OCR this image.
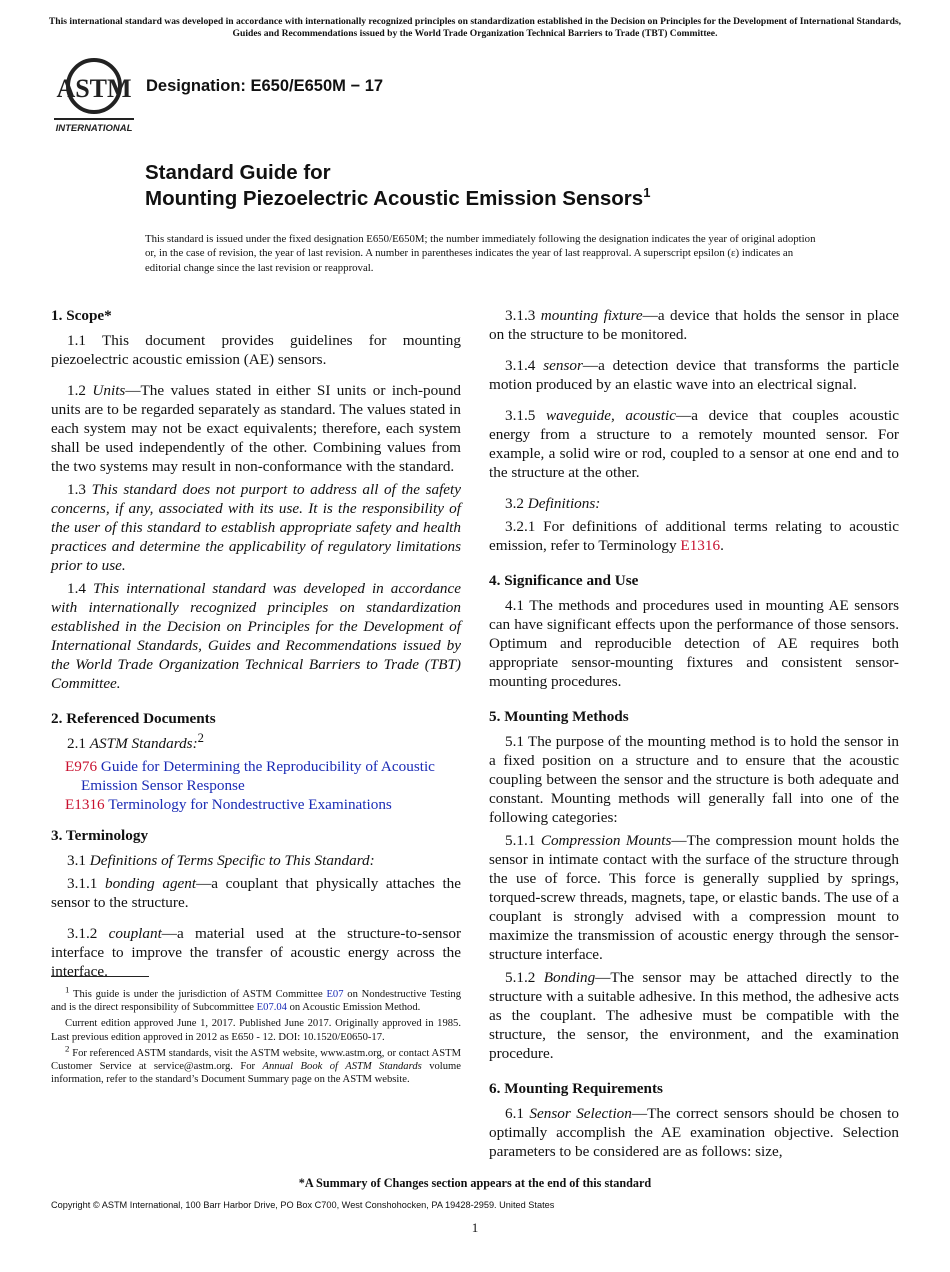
This international standard was developed in accordance with internationally recognized principles on standardization established in the Decision on Principles for the Development of International Standards, Guides and Recommendations issued by the World Trade Organization Technical Barriers to Trade (TBT) Committee.
ASTM
INTERNATIONAL
Designation: E650/E650M − 17
Standard Guide for
Mounting Piezoelectric Acoustic Emission Sensors$^1$
This standard is issued under the fixed designation E650/E650M; the number immediately following the designation indicates the year of original adoption or, in the case of revision, the year of last revision. A number in parentheses indicates the year of last reapproval. A superscript epsilon (ε) indicates an editorial change since the last revision or reapproval.
1. Scope*

1.1 This document provides guidelines for mounting piezoelectric acoustic emission (AE) sensors.

1.2 Units—The values stated in either SI units or inch-pound units are to be regarded separately as standard. The values stated in each system may not be exact equivalents; therefore, each system shall be used independently of the other. Combining values from the two systems may result in non-conformance with the standard.

1.3 This standard does not purport to address all of the safety concerns, if any, associated with its use. It is the responsibility of the user of this standard to establish appropriate safety and health practices and determine the applicability of regulatory limitations prior to use.

1.4 This international standard was developed in accordance with internationally recognized principles on standardization established in the Decision on Principles for the Development of International Standards, Guides and Recommendations issued by the World Trade Organization Technical Barriers to Trade (TBT) Committee.

2. Referenced Documents

2.1 ASTM Standards:$^2$

E976 Guide for Determining the Reproducibility of Acoustic Emission Sensor Response

E1316 Terminology for Nondestructive Examinations

3. Terminology

3.1 Definitions of Terms Specific to This Standard:

3.1.1 bonding agent—a couplant that physically attaches the sensor to the structure.

3.1.2 couplant—a material used at the structure-to-sensor interface to improve the transfer of acoustic energy across the interface.

3.1.3 mounting fixture—a device that holds the sensor in place on the structure to be monitored.

3.1.4 sensor—a detection device that transforms the particle motion produced by an elastic wave into an electrical signal.

3.1.5 waveguide, acoustic—a device that couples acoustic energy from a structure to a remotely mounted sensor. For example, a solid wire or rod, coupled to a sensor at one end and to the structure at the other.

3.2 Definitions:

3.2.1 For definitions of additional terms relating to acoustic emission, refer to Terminology E1316.

4. Significance and Use

4.1 The methods and procedures used in mounting AE sensors can have significant effects upon the performance of those sensors. Optimum and reproducible detection of AE requires both appropriate sensor-mounting fixtures and consistent sensor-mounting procedures.

5. Mounting Methods

5.1 The purpose of the mounting method is to hold the sensor in a fixed position on a structure and to ensure that the acoustic coupling between the sensor and the structure is both adequate and constant. Mounting methods will generally fall into one of the following categories:

5.1.1 Compression Mounts—The compression mount holds the sensor in intimate contact with the surface of the structure through the use of force. This force is generally supplied by springs, torqued-screw threads, magnets, tape, or elastic bands. The use of a couplant is strongly advised with a compression mount to maximize the transmission of acoustic energy through the sensor-structure interface.

5.1.2 Bonding—The sensor may be attached directly to the structure with a suitable adhesive. In this method, the adhesive acts as the couplant. The adhesive must be compatible with the structure, the sensor, the environment, and the examination procedure.

6. Mounting Requirements

6.1 Sensor Selection—The correct sensors should be chosen to optimally accomplish the AE examination objective. Selection parameters to be considered are as follows: size,

$^1$ This guide is under the jurisdiction of ASTM Committee E07 on Nondestructive Testing and is the direct responsibility of Subcommittee E07.04 on Acoustic Emission Method.

Current edition approved June 1, 2017. Published June 2017. Originally approved in 1985. Last previous edition approved in 2012 as E650 - 12. DOI: 10.1520/E0650-17.

$^2$ For referenced ASTM standards, visit the ASTM website, www.astm.org, or contact ASTM Customer Service at service@astm.org. For Annual Book of ASTM Standards volume information, refer to the standard’s Document Summary page on the ASTM website.

*A Summary of Changes section appears at the end of this standard
Copyright © ASTM International, 100 Barr Harbor Drive, PO Box C700, West Conshohocken, PA 19428-2959. United States
1
